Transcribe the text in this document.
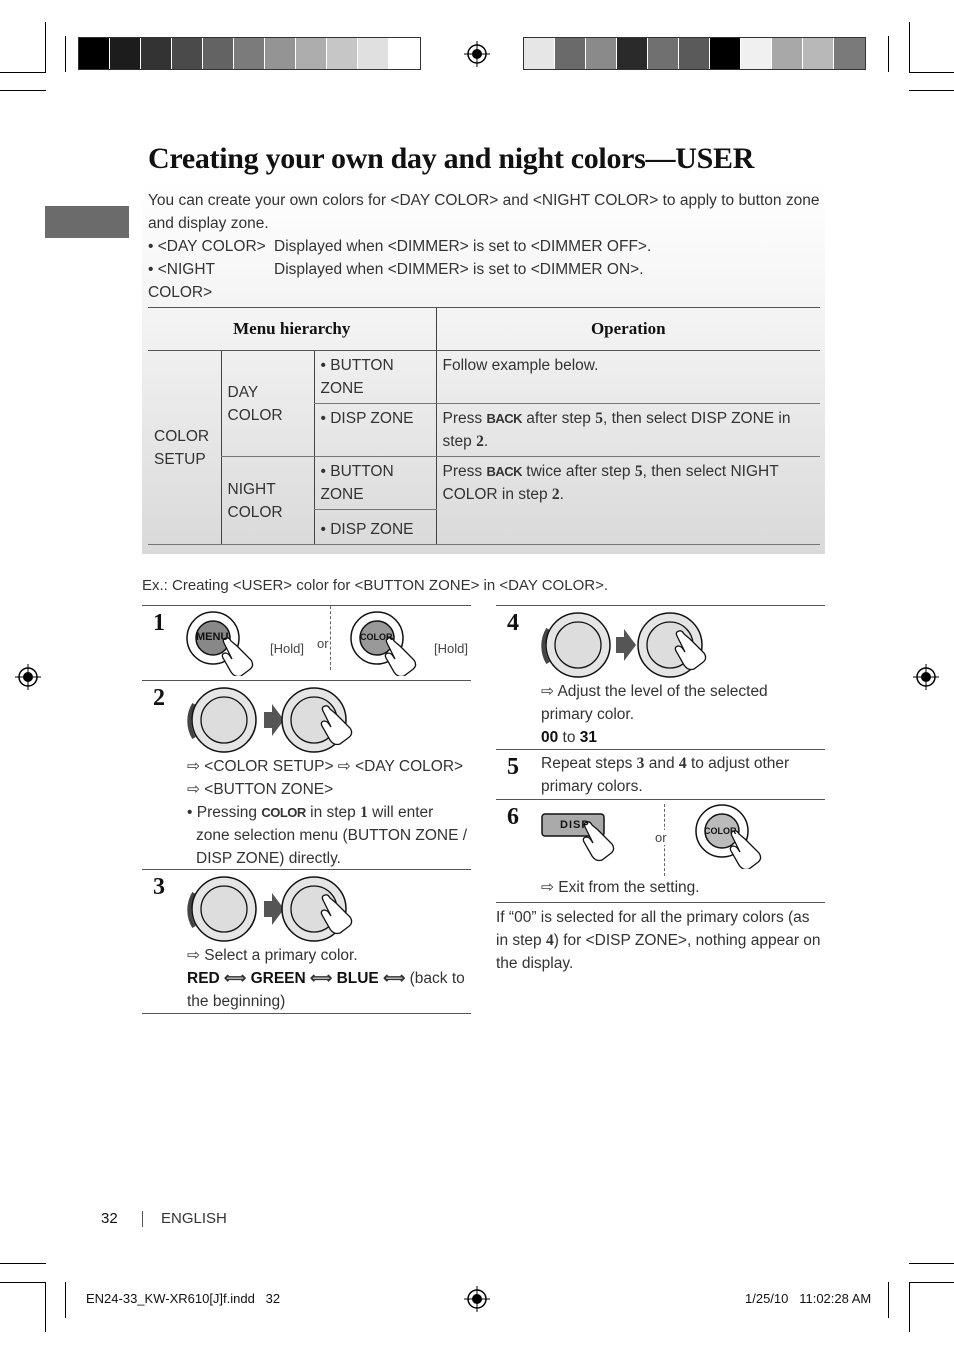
Creating your own day and night colors—USER

You can create your own colors for <DAY COLOR> and <NIGHT COLOR> to apply to button zone and display zone.

• <DAY COLOR> Displayed when <DIMMER> is set to <DIMMER OFF>.
• <NIGHT COLOR>
Displayed when <DIMMER> is set to <DIMMER ON>.
Menu hierarchy			Operation
COLOR SETUP	DAY COLOR	• BUTTON ZONE	Follow example below.
		• DISP ZONE	Press BACK after step 5, then select DISP ZONE in step 2.
	NIGHT COLOR	• BUTTON ZONE	Press BACK twice after step 5, then select NIGHT COLOR in step 2.
		• DISP ZONE	
Ex.: Creating <USER> color for <BUTTON ZONE> in <DAY COLOR>.
1
MENU
[Hold] or	COLOR
[Hold]
2

⇨ <COLOR SETUP> ⇨ <DAY COLOR>

⇨ <BUTTON ZONE>

• Pressing COLOR in step 1 will enter zone selection menu (BUTTON ZONE / DISP ZONE) directly.

3

⇨ Select a primary color.

RED ⟺ GREEN ⟺ BLUE ⟺ (back to the beginning)

4

⇨ Adjust the level of the selected primary color.

00 to 31

5 Repeat steps 3 and 4 to adjust other primary colors.

6	DISP
or	COLOR
⇨ Exit from the setting.

If “00” is selected for all the primary colors (as in step 4) for <DISP ZONE>, nothing appear on the display.

32	ENGLISH
EN24-33_KW-XR610[J]f.indd   32	1/25/10   11:02:28 AM
